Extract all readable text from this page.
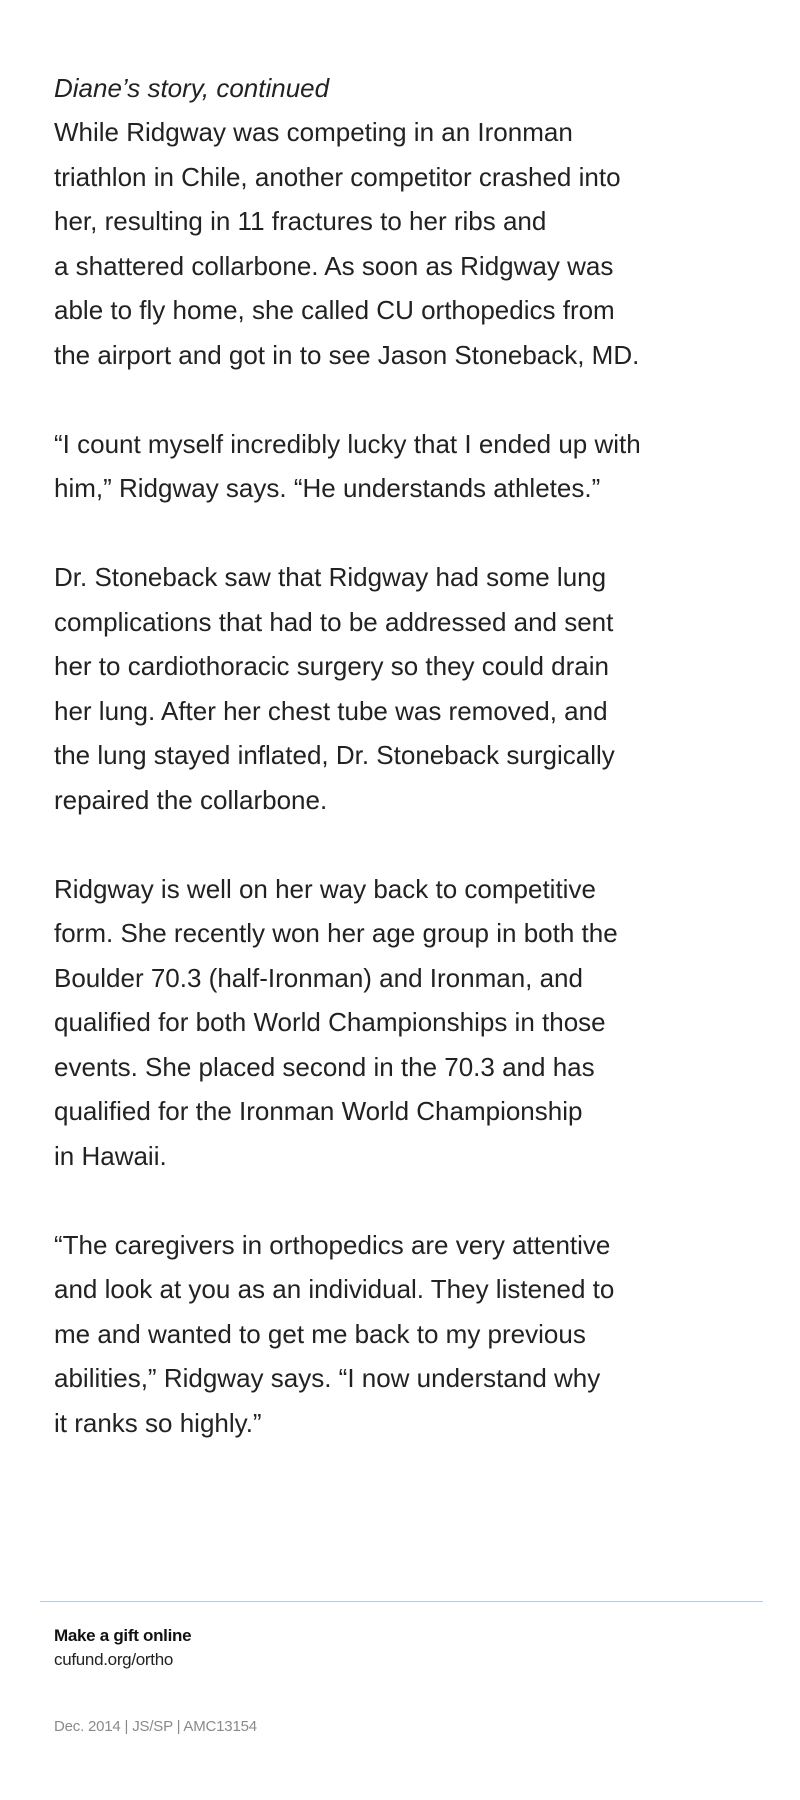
Diane’s story, continued

While Ridgway was competing in an Ironman
triathlon in Chile, another competitor crashed into
her, resulting in 11 fractures to her ribs and
a shattered collarbone. As soon as Ridgway was
able to fly home, she called CU orthopedics from
the airport and got in to see Jason Stoneback, MD.

“I count myself incredibly lucky that I ended up with
him,” Ridgway says. “He understands athletes.”

Dr. Stoneback saw that Ridgway had some lung
complications that had to be addressed and sent
her to cardiothoracic surgery so they could drain
her lung. After her chest tube was removed, and
the lung stayed inflated, Dr. Stoneback surgically
repaired the collarbone.

Ridgway is well on her way back to competitive
form. She recently won her age group in both the
Boulder 70.3 (half-Ironman) and Ironman, and
qualified for both World Championships in those
events. She placed second in the 70.3 and has
qualified for the Ironman World Championship
in Hawaii.

“The caregivers in orthopedics are very attentive
and look at you as an individual. They listened to
me and wanted to get me back to my previous
abilities,” Ridgway says. “I now understand why
it ranks so highly.”

Make a gift online
cufund.org/ortho
Dec. 2014 | JS/SP | AMC13154
